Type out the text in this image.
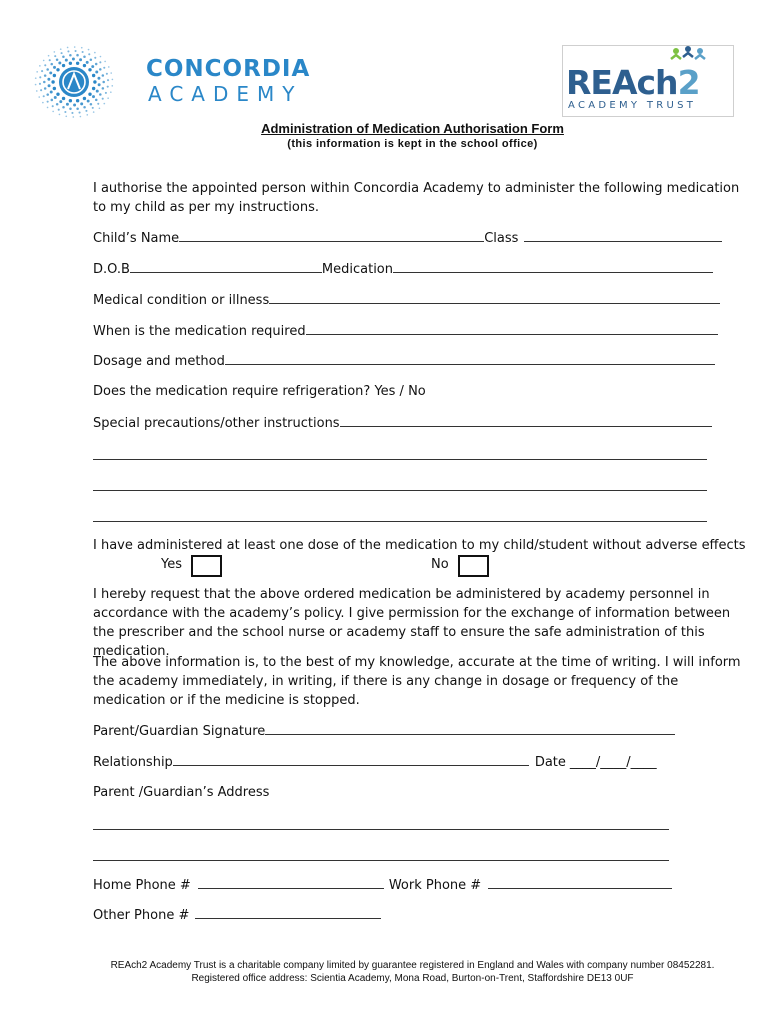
CONCORDIA
ACADEMY	REAch2
ACADEMY TRUST
Administration of Medication Authorisation Form
(this information is kept in the school office)
I authorise the appointed person within Concordia Academy to administer the following medication to my child as per my instructions.
Child’s Name	Class
D.O.B	Medication
Medical condition or illness
When is the medication required
Dosage and method
Does the medication require refrigeration? Yes / No
Special precautions/other instructions
I have administered at least one dose of the medication to my child/student without adverse effects
Yes	No
I hereby request that the above ordered medication be administered by academy personnel in accordance with the academy’s policy. I give permission for the exchange of information between the prescriber and the school nurse or academy staff to ensure the safe administration of this medication.
The above information is, to the best of my knowledge, accurate at the time of writing. I will inform the academy immediately, in writing, if there is any change in dosage or frequency of the medication or if the medicine is stopped.
Parent/Guardian Signature
Relationship	Date ____/____/____
Parent /Guardian’s Address
Home Phone #	Work Phone #
Other Phone #
REAch2 Academy Trust is a charitable company limited by guarantee registered in England and Wales with company number 08452281.
Registered office address: Scientia Academy, Mona Road, Burton-on-Trent, Staffordshire DE13 0UF
